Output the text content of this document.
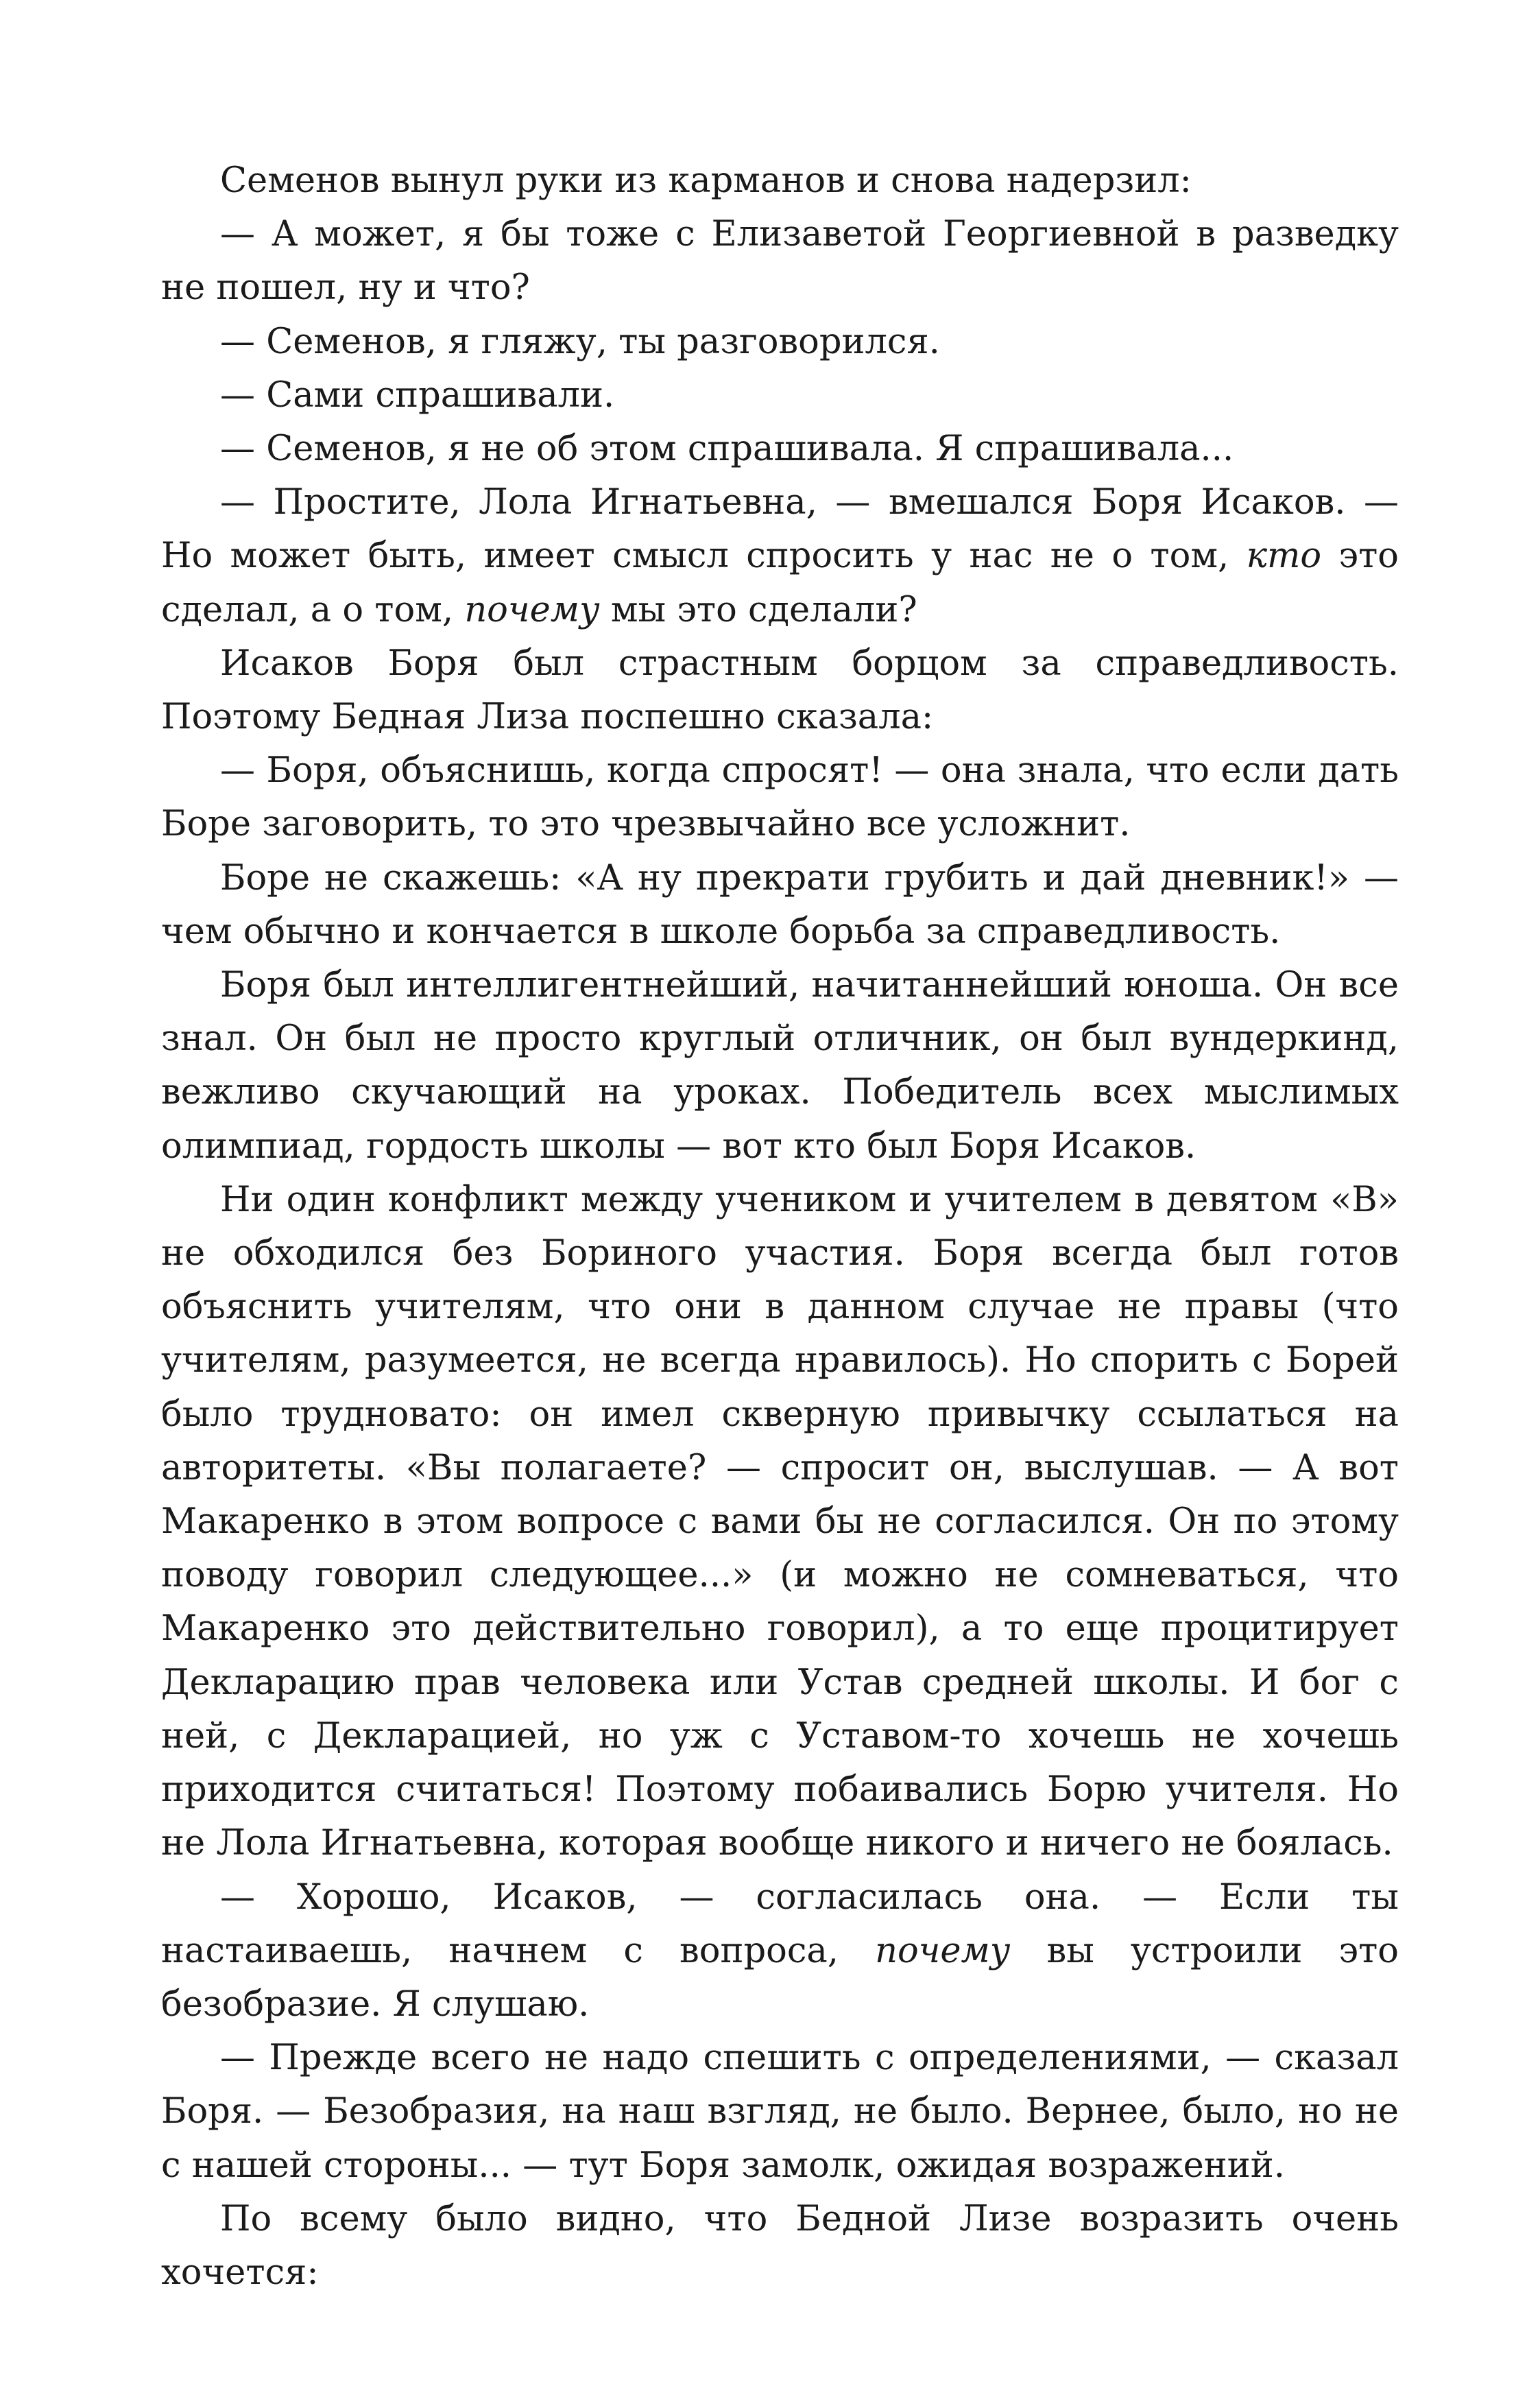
Семенов вынул руки из карманов и снова надерзил:

— А может, я бы тоже с Елизаветой Георгиевной в разведку не пошел, ну и что?

— Семенов, я гляжу, ты разговорился.

— Сами спрашивали.

— Семенов, я не об этом спрашивала. Я спрашивала...

— Простите, Лола Игнатьевна, — вмешался Боря Исаков. — Но может быть, имеет смысл спросить у нас не о том, кто это сделал, а о том, почему мы это сделали?

Исаков Боря был страстным борцом за справедливость. Поэтому Бедная Лиза поспешно сказала:

— Боря, объяснишь, когда спросят! — она знала, что если дать Боре заговорить, то это чрезвычайно все усложнит.

Боре не скажешь: «А ну прекрати грубить и дай дневник!» — чем обычно и кончается в школе борьба за справедливость.

Боря был интеллигентнейший, начитаннейший юноша. Он все знал. Он был не просто круглый отличник, он был вундеркинд, вежливо скучающий на уроках. Победитель всех мыслимых олимпиад, гордость школы — вот кто был Боря Исаков.

Ни один конфликт между учеником и учителем в девятом «В» не обходился без Бориного участия. Боря всегда был готов объяснить учителям, что они в данном случае не правы (что учителям, разумеется, не всегда нравилось). Но спорить с Борей было трудновато: он имел скверную привычку ссылаться на авторитеты. «Вы полагаете? — спросит он, выслушав. — А вот Макаренко в этом вопросе с вами бы не согласился. Он по этому поводу говорил следующее...» (и можно не сомневаться, что Макаренко это действительно говорил), а то еще процитирует Декларацию прав человека или Устав средней школы. И бог с ней, с Декларацией, но уж с Уставом-то хочешь не хочешь приходится считаться! Поэтому побаивались Борю учителя. Но не Лола Игнатьевна, которая вообще никого и ничего не боялась.

— Хорошо, Исаков, — согласилась она. — Если ты настаиваешь, начнем с вопроса, почему вы устроили это безобразие. Я слушаю.

— Прежде всего не надо спешить с определениями, — сказал Боря. — Безобразия, на наш взгляд, не было. Вернее, было, но не с нашей стороны... — тут Боря замолк, ожидая возражений.

По всему было видно, что Бедной Лизе возразить очень хочется:
